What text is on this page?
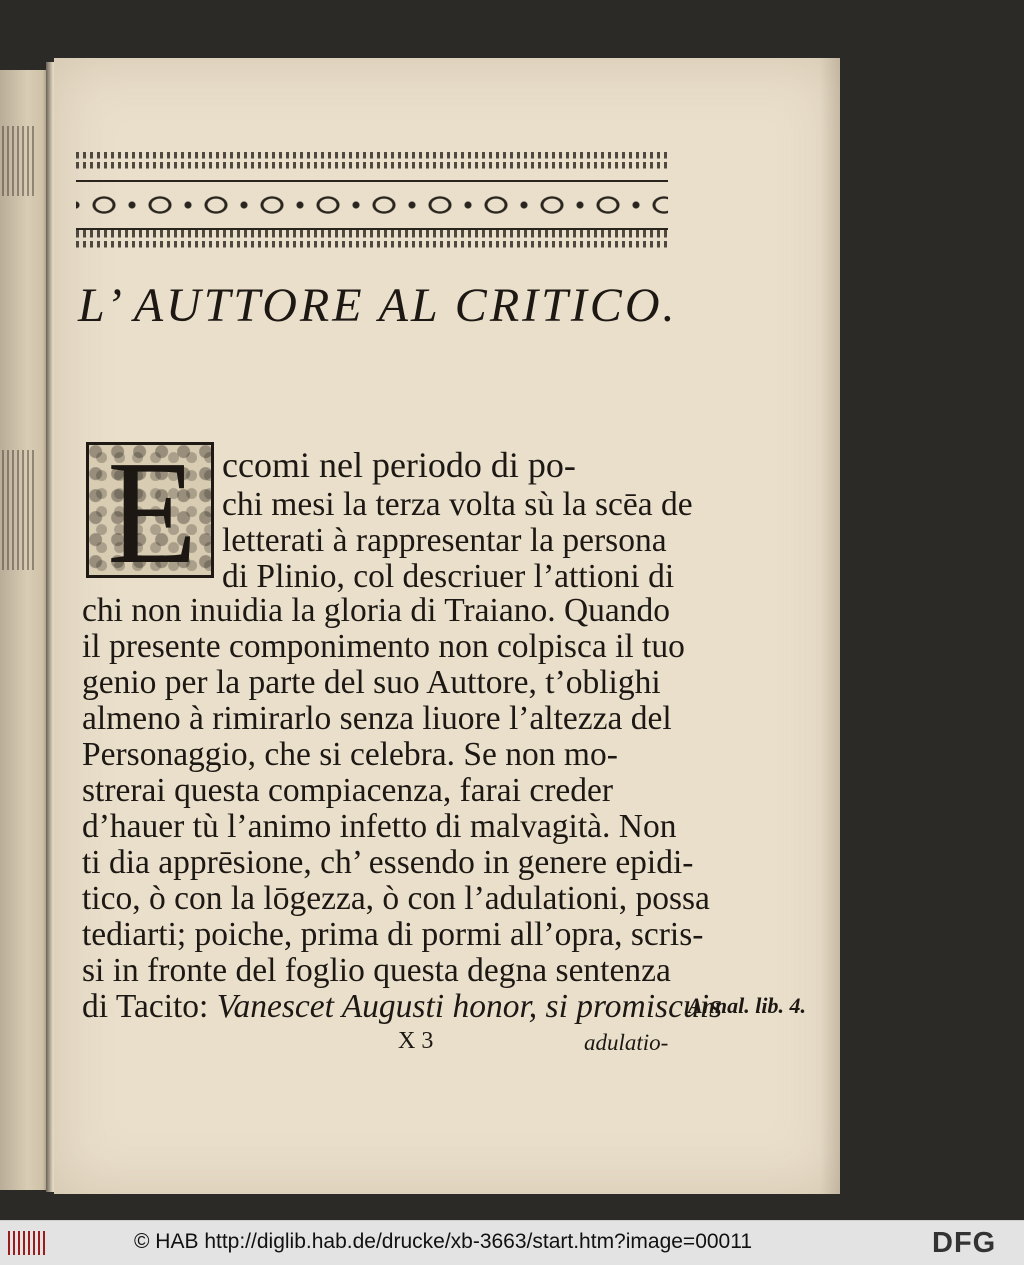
L’ AUTTORE AL CRITICO.
E ccomi nel periodo di po-
chi mesi la terza volta sù la scēa de
letterati à rappresentar la persona
di Plinio, col descriuer l’attioni di
chi non inuidia la gloria di Traiano. Quando
il presente componimento non colpisca il tuo
genio per la parte del suo Auttore, t’oblighi
almeno à rimirarlo senza liuore l’altezza del
Personaggio, che si celebra. Se non mo-
strerai questa compiacenza, farai creder
d’hauer tù l’animo infetto di malvagità. Non
ti dia apprēsione, ch’ essendo in genere epidi-
tico, ò con la lōgezza, ò con l’adulationi, possa
tediarti; poiche, prima di pormi all’opra, scris-
si in fronte del foglio questa degna sentenza
di Tacito: Vanescet Augusti honor, si promiscuis
X 3	adulatio-
Annal. lib. 4.
© HAB http://diglib.hab.de/drucke/xb-3663/start.htm?image=00011	DFG
